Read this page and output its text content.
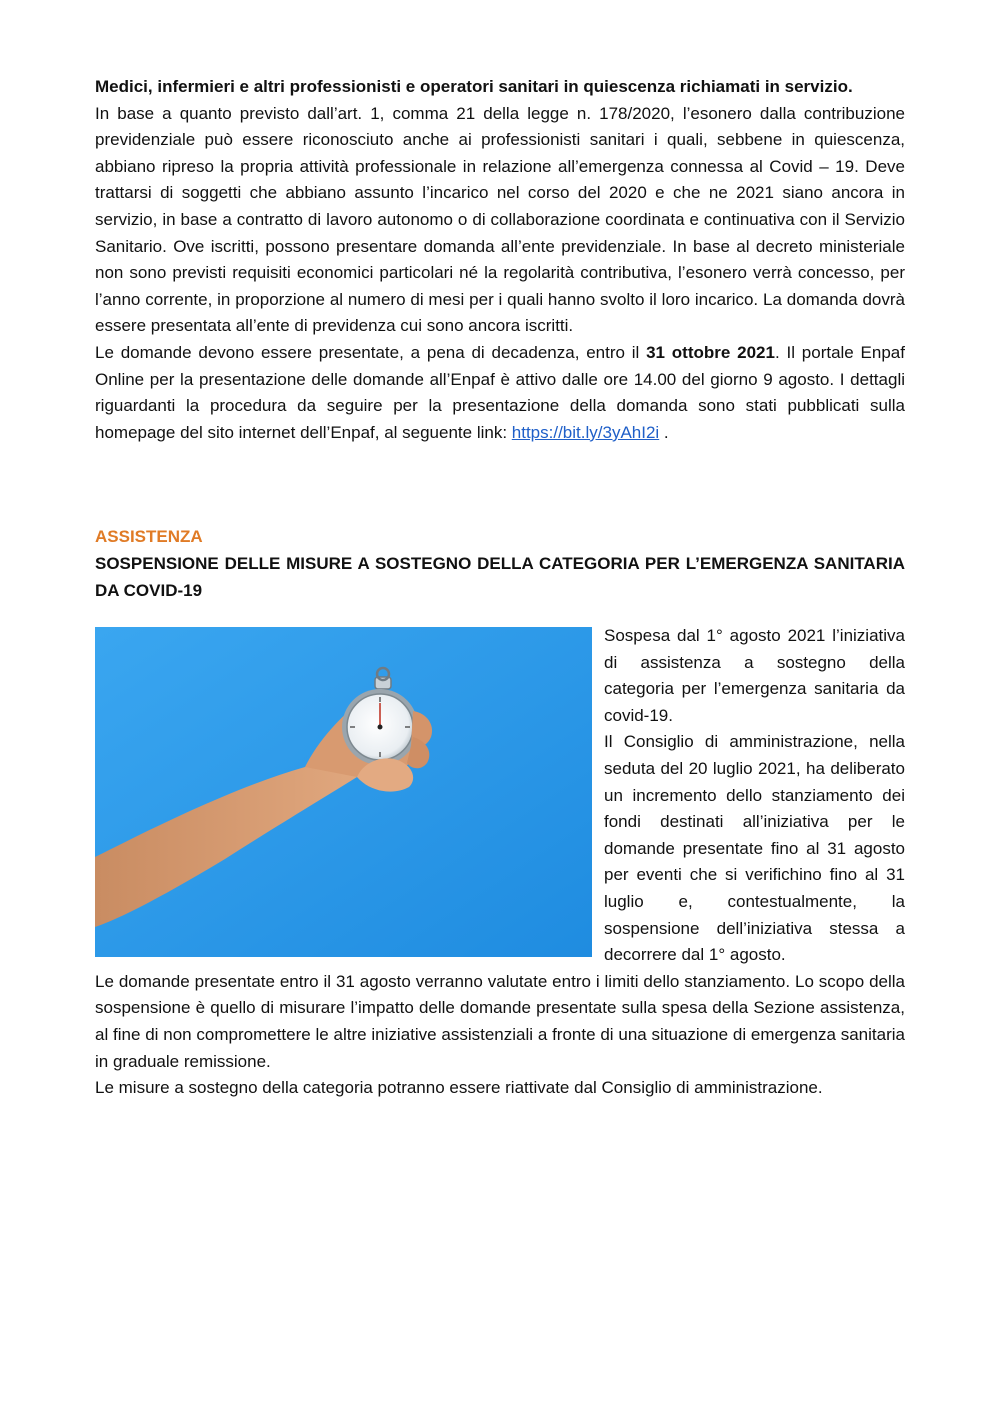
Medici, infermieri e altri professionisti e operatori sanitari in quiescenza richiamati in servizio.

In base a quanto previsto dall’art. 1, comma 21 della legge n. 178/2020, l’esonero dalla contribuzione previdenziale può essere riconosciuto anche ai professionisti sanitari i quali, sebbene in quiescenza, abbiano ripreso la propria attività professionale in relazione all’emergenza connessa al Covid – 19. Deve trattarsi di soggetti che abbiano assunto l’incarico nel corso del 2020 e che ne 2021 siano ancora in servizio, in base a contratto di lavoro autonomo o di collaborazione coordinata e continuativa con il Servizio Sanitario. Ove iscritti, possono presentare domanda all’ente previdenziale. In base al decreto ministeriale non sono previsti requisiti economici particolari né la regolarità contributiva, l’esonero verrà concesso, per l’anno corrente, in proporzione al numero di mesi per i quali hanno svolto il loro incarico. La domanda dovrà essere presentata all’ente di previdenza cui sono ancora iscritti.

Le domande devono essere presentate, a pena di decadenza, entro il 31 ottobre 2021. Il portale Enpaf Online per la presentazione delle domande all’Enpaf è attivo dalle ore 14.00 del giorno 9 agosto. I dettagli riguardanti la procedura da seguire per la presentazione della domanda sono stati pubblicati sulla homepage del sito internet dell’Enpaf, al seguente link: https://bit.ly/3yAhI2i .

ASSISTENZA

SOSPENSIONE DELLE MISURE A SOSTEGNO DELLA CATEGORIA PER L’EMERGENZA SANITARIA DA COVID-19

Sospesa dal 1° agosto 2021 l’iniziativa di assistenza a sostegno della categoria per l’emergenza sanitaria da covid-19.

Il Consiglio di amministrazione, nella seduta del 20 luglio 2021, ha deliberato un incremento dello stanziamento dei fondi destinati all’iniziativa per le domande presentate fino al 31 agosto per eventi che si verifichino fino al 31 luglio e, contestualmente, la sospensione dell’iniziativa stessa a decorrere dal 1° agosto.

Le domande presentate entro il 31 agosto verranno valutate entro i limiti dello stanziamento. Lo scopo della sospensione è quello di misurare l’impatto delle domande presentate sulla spesa della Sezione assistenza, al fine di non compromettere le altre iniziative assistenziali a fronte di una situazione di emergenza sanitaria in graduale remissione.

Le misure a sostegno della categoria potranno essere riattivate dal Consiglio di amministrazione.
